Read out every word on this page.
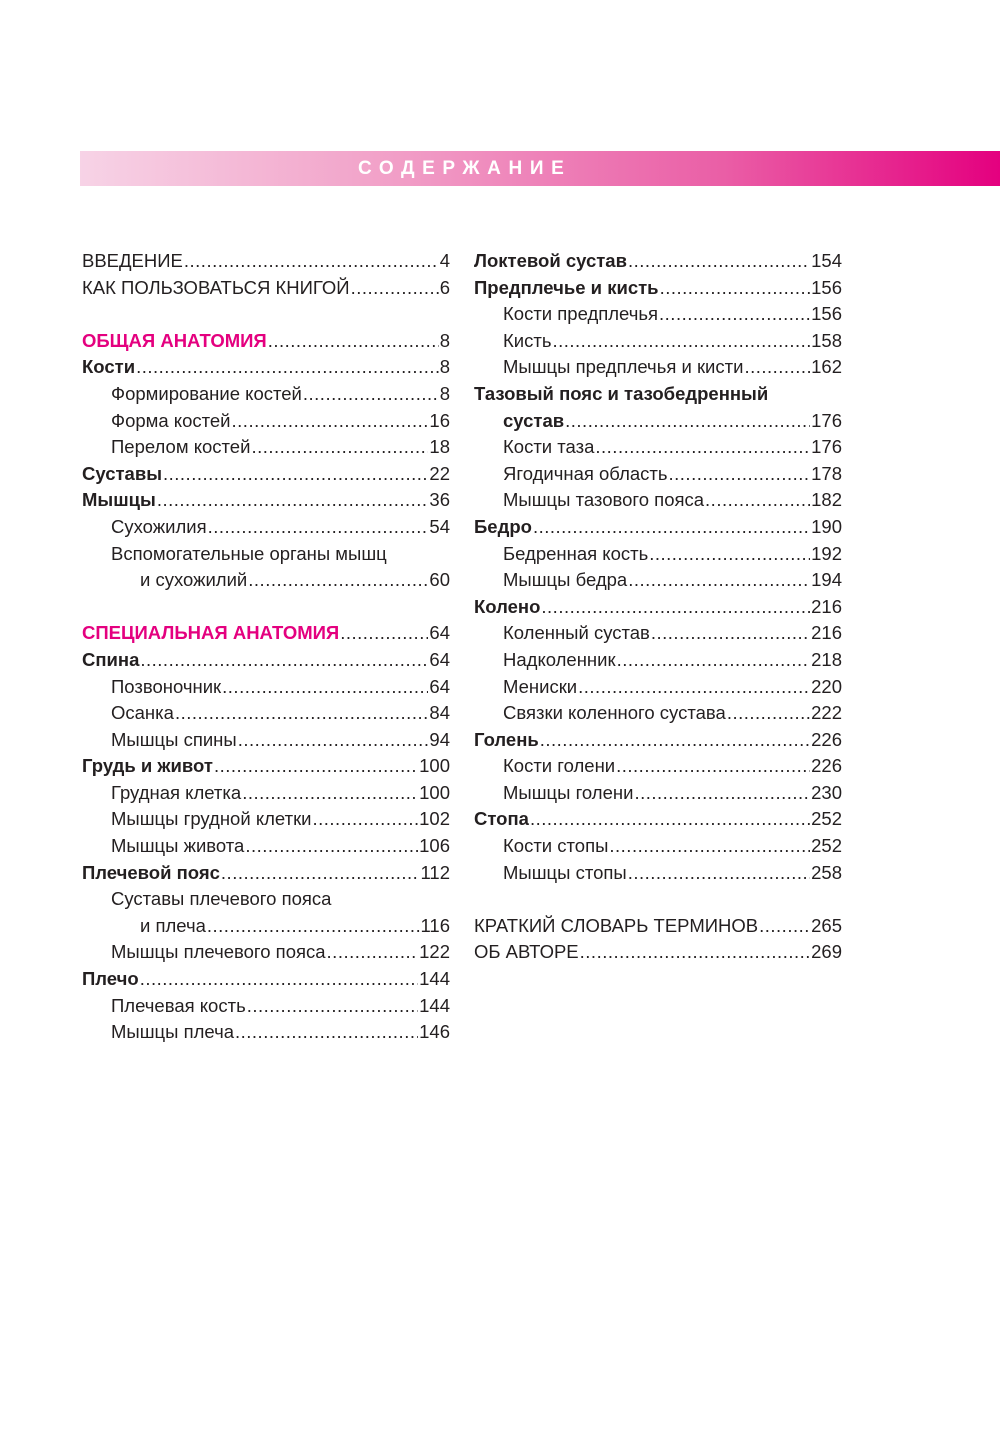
СОДЕРЖАНИЕ
ВВЕДЕНИЕ .....	4
КАК ПОЛЬЗОВАТЬСЯ КНИГОЙ .....	6
ОБЩАЯ АНАТОМИЯ .....	8
Кости .....	8
Формирование костей .....	8
Форма костей .....	16
Перелом костей .....	18
Суставы .....	22
Мышцы .....	36
Сухожилия .....	54
Вспомогательные органы мышц
и сухожилий .....	60
СПЕЦИАЛЬНАЯ АНАТОМИЯ .....	64
Спина .....	64
Позвоночник .....	64
Осанка .....	84
Мышцы спины .....	94
Грудь и живот .....	100
Грудная клетка .....	100
Мышцы грудной клетки .....	102
Мышцы живота .....	106
Плечевой пояс .....	112
Суставы плечевого пояса
и плеча .....	116
Мышцы плечевого пояса .....	122
Плечо .....	144
Плечевая кость .....	144
Мышцы плеча .....	146
Локтевой сустав .....	154
Предплечье и кисть .....	156
Кости предплечья .....	156
Кисть .....	158
Мышцы предплечья и кисти .....	162
Тазовый пояс и тазобедренный
сустав .....	176
Кости таза .....	176
Ягодичная область .....	178
Мышцы тазового пояса .....	182
Бедро .....	190
Бедренная кость .....	192
Мышцы бедра .....	194
Колено .....	216
Коленный сустав .....	216
Надколенник .....	218
Мениски .....	220
Связки коленного сустава .....	222
Голень .....	226
Кости голени .....	226
Мышцы голени .....	230
Стопа .....	252
Кости стопы .....	252
Мышцы стопы .....	258
КРАТКИЙ СЛОВАРЬ ТЕРМИНОВ .....	265
ОБ АВТОРЕ .....	269
